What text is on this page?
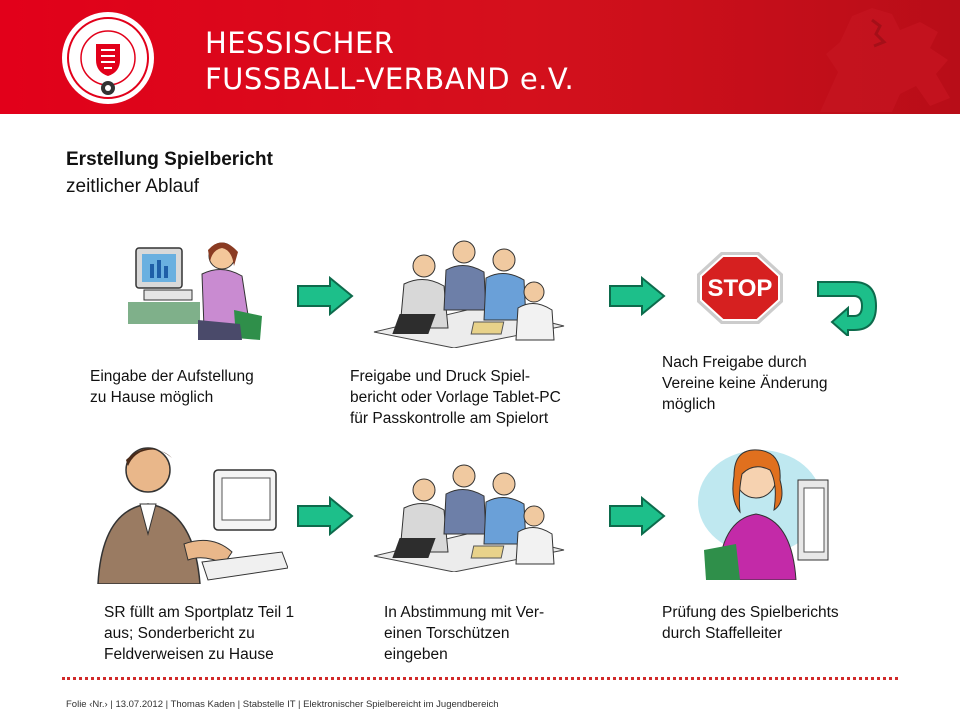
HESSISCHER
FUSSBALL-VERBAND e.V.
Erstellung Spielbericht
zeitlicher Ablauf
STOP
Eingabe der Aufstellung
zu Hause möglich
Freigabe und Druck Spiel-
bericht oder Vorlage Tablet-PC
für Passkontrolle am Spielort
Nach Freigabe durch
Vereine keine Änderung
möglich
SR füllt am Sportplatz Teil 1
aus; Sonderbericht zu
Feldverweisen zu Hause
In Abstimmung mit Ver-
einen Torschützen
eingeben
Prüfung des Spielberichts
durch Staffelleiter
Folie ‹Nr.› | 13.07.2012 | Thomas Kaden | Stabstelle IT | Elektronischer Spielbereicht im Jugendbereich
